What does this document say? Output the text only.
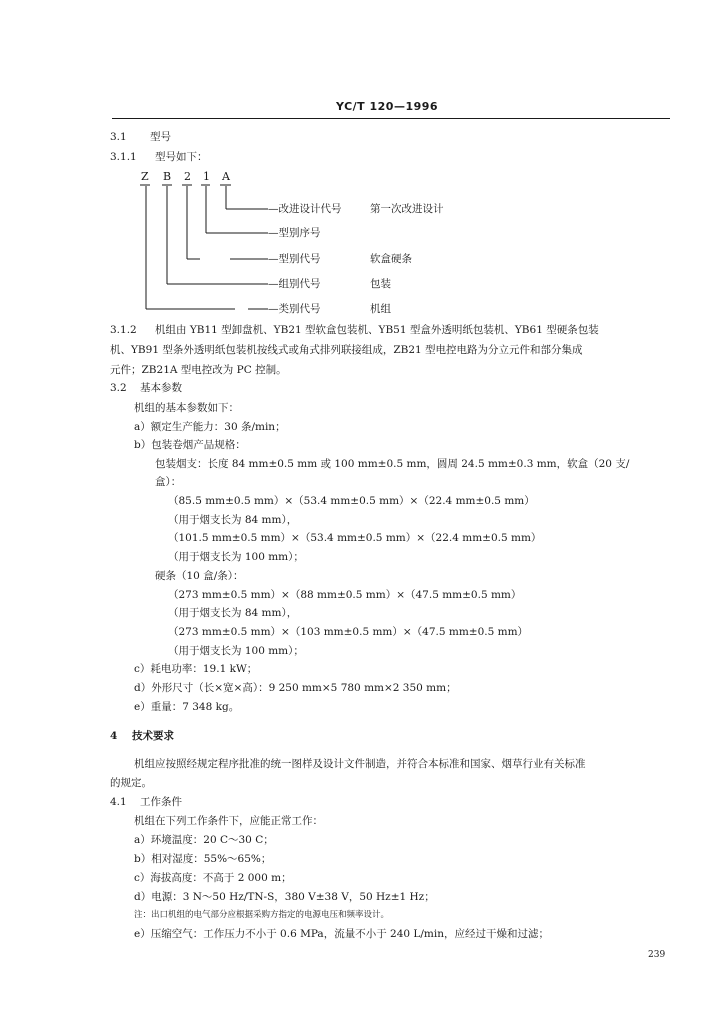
YC/T 120—1996
3.1 型号
3.1.1 型号如下：
Z B 2 1 A
—改进设计代号	第一次改进设计
—型别序号
—型别代号	软盒硬条
—组别代号	包装
—类别代号	机组
3.1.2 机组由 YB11 型卸盘机、YB21 型软盒包装机、YB51 型盒外透明纸包装机、YB61 型硬条包装
机、YB91 型条外透明纸包装机按线式或角式排列联接组成，ZB21 型电控电路为分立元件和部分集成
元件；ZB21A 型电控改为 PC 控制。
3.2 基本参数
机组的基本参数如下：
a）额定生产能力：30 条/min；
b）包装卷烟产品规格：
包装烟支：长度 84 mm±0.5 mm 或 100 mm±0.5 mm，圆周 24.5 mm±0.3 mm，软盒（20 支/
盒）：
（85.5 mm±0.5 mm）×（53.4 mm±0.5 mm）×（22.4 mm±0.5 mm）
（用于烟支长为 84 mm），
（101.5 mm±0.5 mm）×（53.4 mm±0.5 mm）×（22.4 mm±0.5 mm）
（用于烟支长为 100 mm）；
硬条（10 盒/条）：
（273 mm±0.5 mm）×（88 mm±0.5 mm）×（47.5 mm±0.5 mm）
（用于烟支长为 84 mm），
（273 mm±0.5 mm）×（103 mm±0.5 mm）×（47.5 mm±0.5 mm）
（用于烟支长为 100 mm）；
c）耗电功率：19.1 kW；
d）外形尺寸（长×宽×高）：9 250 mm×5 780 mm×2 350 mm；
e）重量：7 348 kg。
4 技术要求
机组应按照经规定程序批准的统一图样及设计文件制造，并符合本标准和国家、烟草行业有关标准
的规定。
4.1 工作条件
机组在下列工作条件下，应能正常工作：
a）环境温度：20 C～30 C；
b）相对湿度：55%～65%；
c）海拔高度：不高于 2 000 m；
d）电源：3 N～50 Hz/TN-S，380 V±38 V，50 Hz±1 Hz；
注：出口机组的电气部分应根据采购方指定的电源电压和频率设计。
e）压缩空气：工作压力不小于 0.6 MPa，流量不小于 240 L/min，应经过干燥和过滤；
239
